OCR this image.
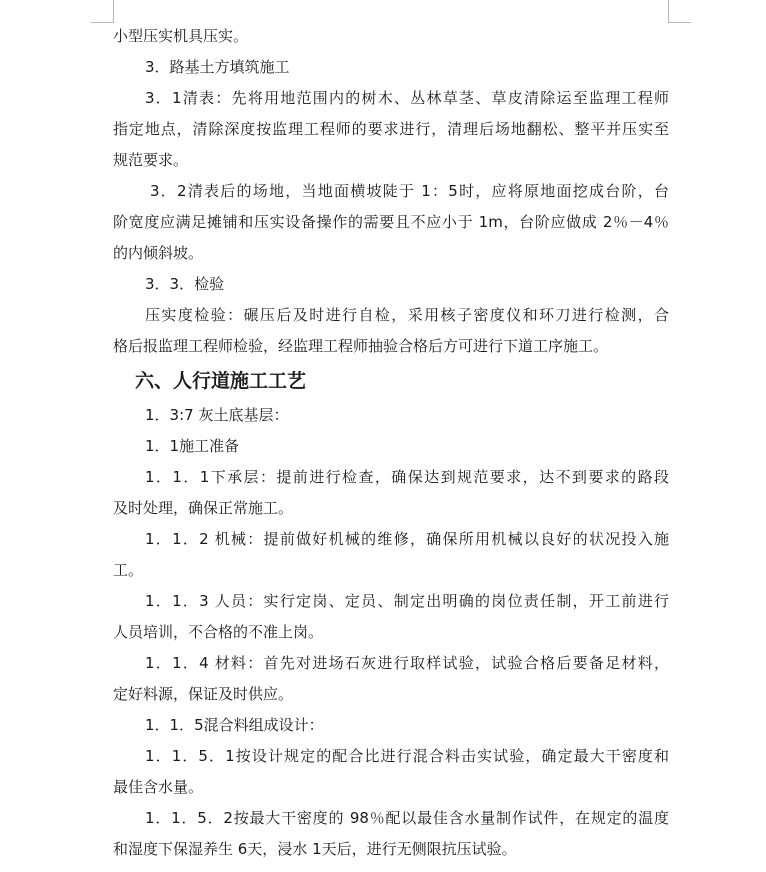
小型压实机具压实。
3．路基土方填筑施工
3．1清表：先将用地范围内的树木、丛林草茎、草皮清除运至监理工程师
指定地点，清除深度按监理工程师的要求进行，清理后场地翻松、整平并压实至
规范要求。
3．2清表后的场地，当地面横坡陡于 1：5时，应将原地面挖成台阶，台
阶宽度应满足摊铺和压实设备操作的需要且不应小于 1m，台阶应做成 2％－4％
的内倾斜坡。
3．3．检验
压实度检验：碾压后及时进行自检，采用核子密度仪和环刀进行检测，合
格后报监理工程师检验，经监理工程师抽验合格后方可进行下道工序施工。
六、人行道施工工艺
1．3:7 灰土底基层：
1．1施工准备
1．1．1下承层：提前进行检查，确保达到规范要求，达不到要求的路段
及时处理，确保正常施工。
1．1．2 机械：提前做好机械的维修，确保所用机械以良好的状况投入施
工。
1．1．3 人员：实行定岗、定员、制定出明确的岗位责任制，开工前进行
人员培训，不合格的不准上岗。
1．1．4 材料：首先对进场石灰进行取样试验，试验合格后要备足材料，
定好料源，保证及时供应。
1．1．5混合料组成设计：
1．1．5．1按设计规定的配合比进行混合料击实试验，确定最大干密度和
最佳含水量。
1．1．5．2按最大干密度的 98％配以最佳含水量制作试件，在规定的温度
和湿度下保湿养生 6天，浸水 1天后，进行无侧限抗压试验。
